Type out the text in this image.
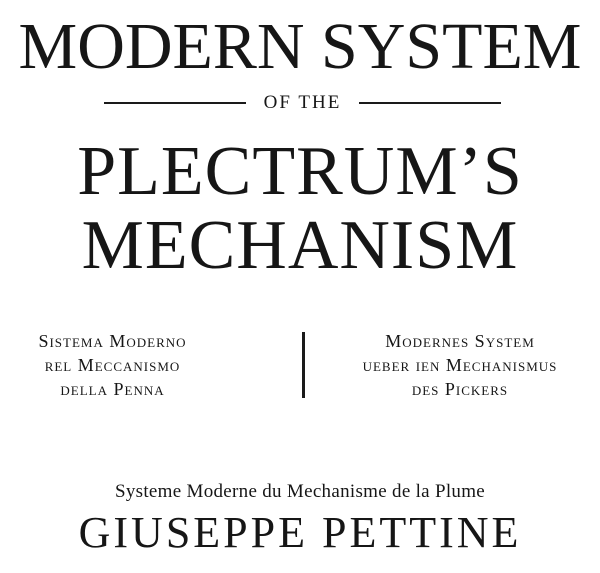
MODERN SYSTEM
OF THE
PLECTRUM’S
MECHANISM
Sistema Moderno
rel Meccanismo
della Penna
Modernes System
ueber ıen Mechanismus
des Pickers
Systeme Moderne du Mechanisme de la Plume
GIUSEPPE PETTINE
